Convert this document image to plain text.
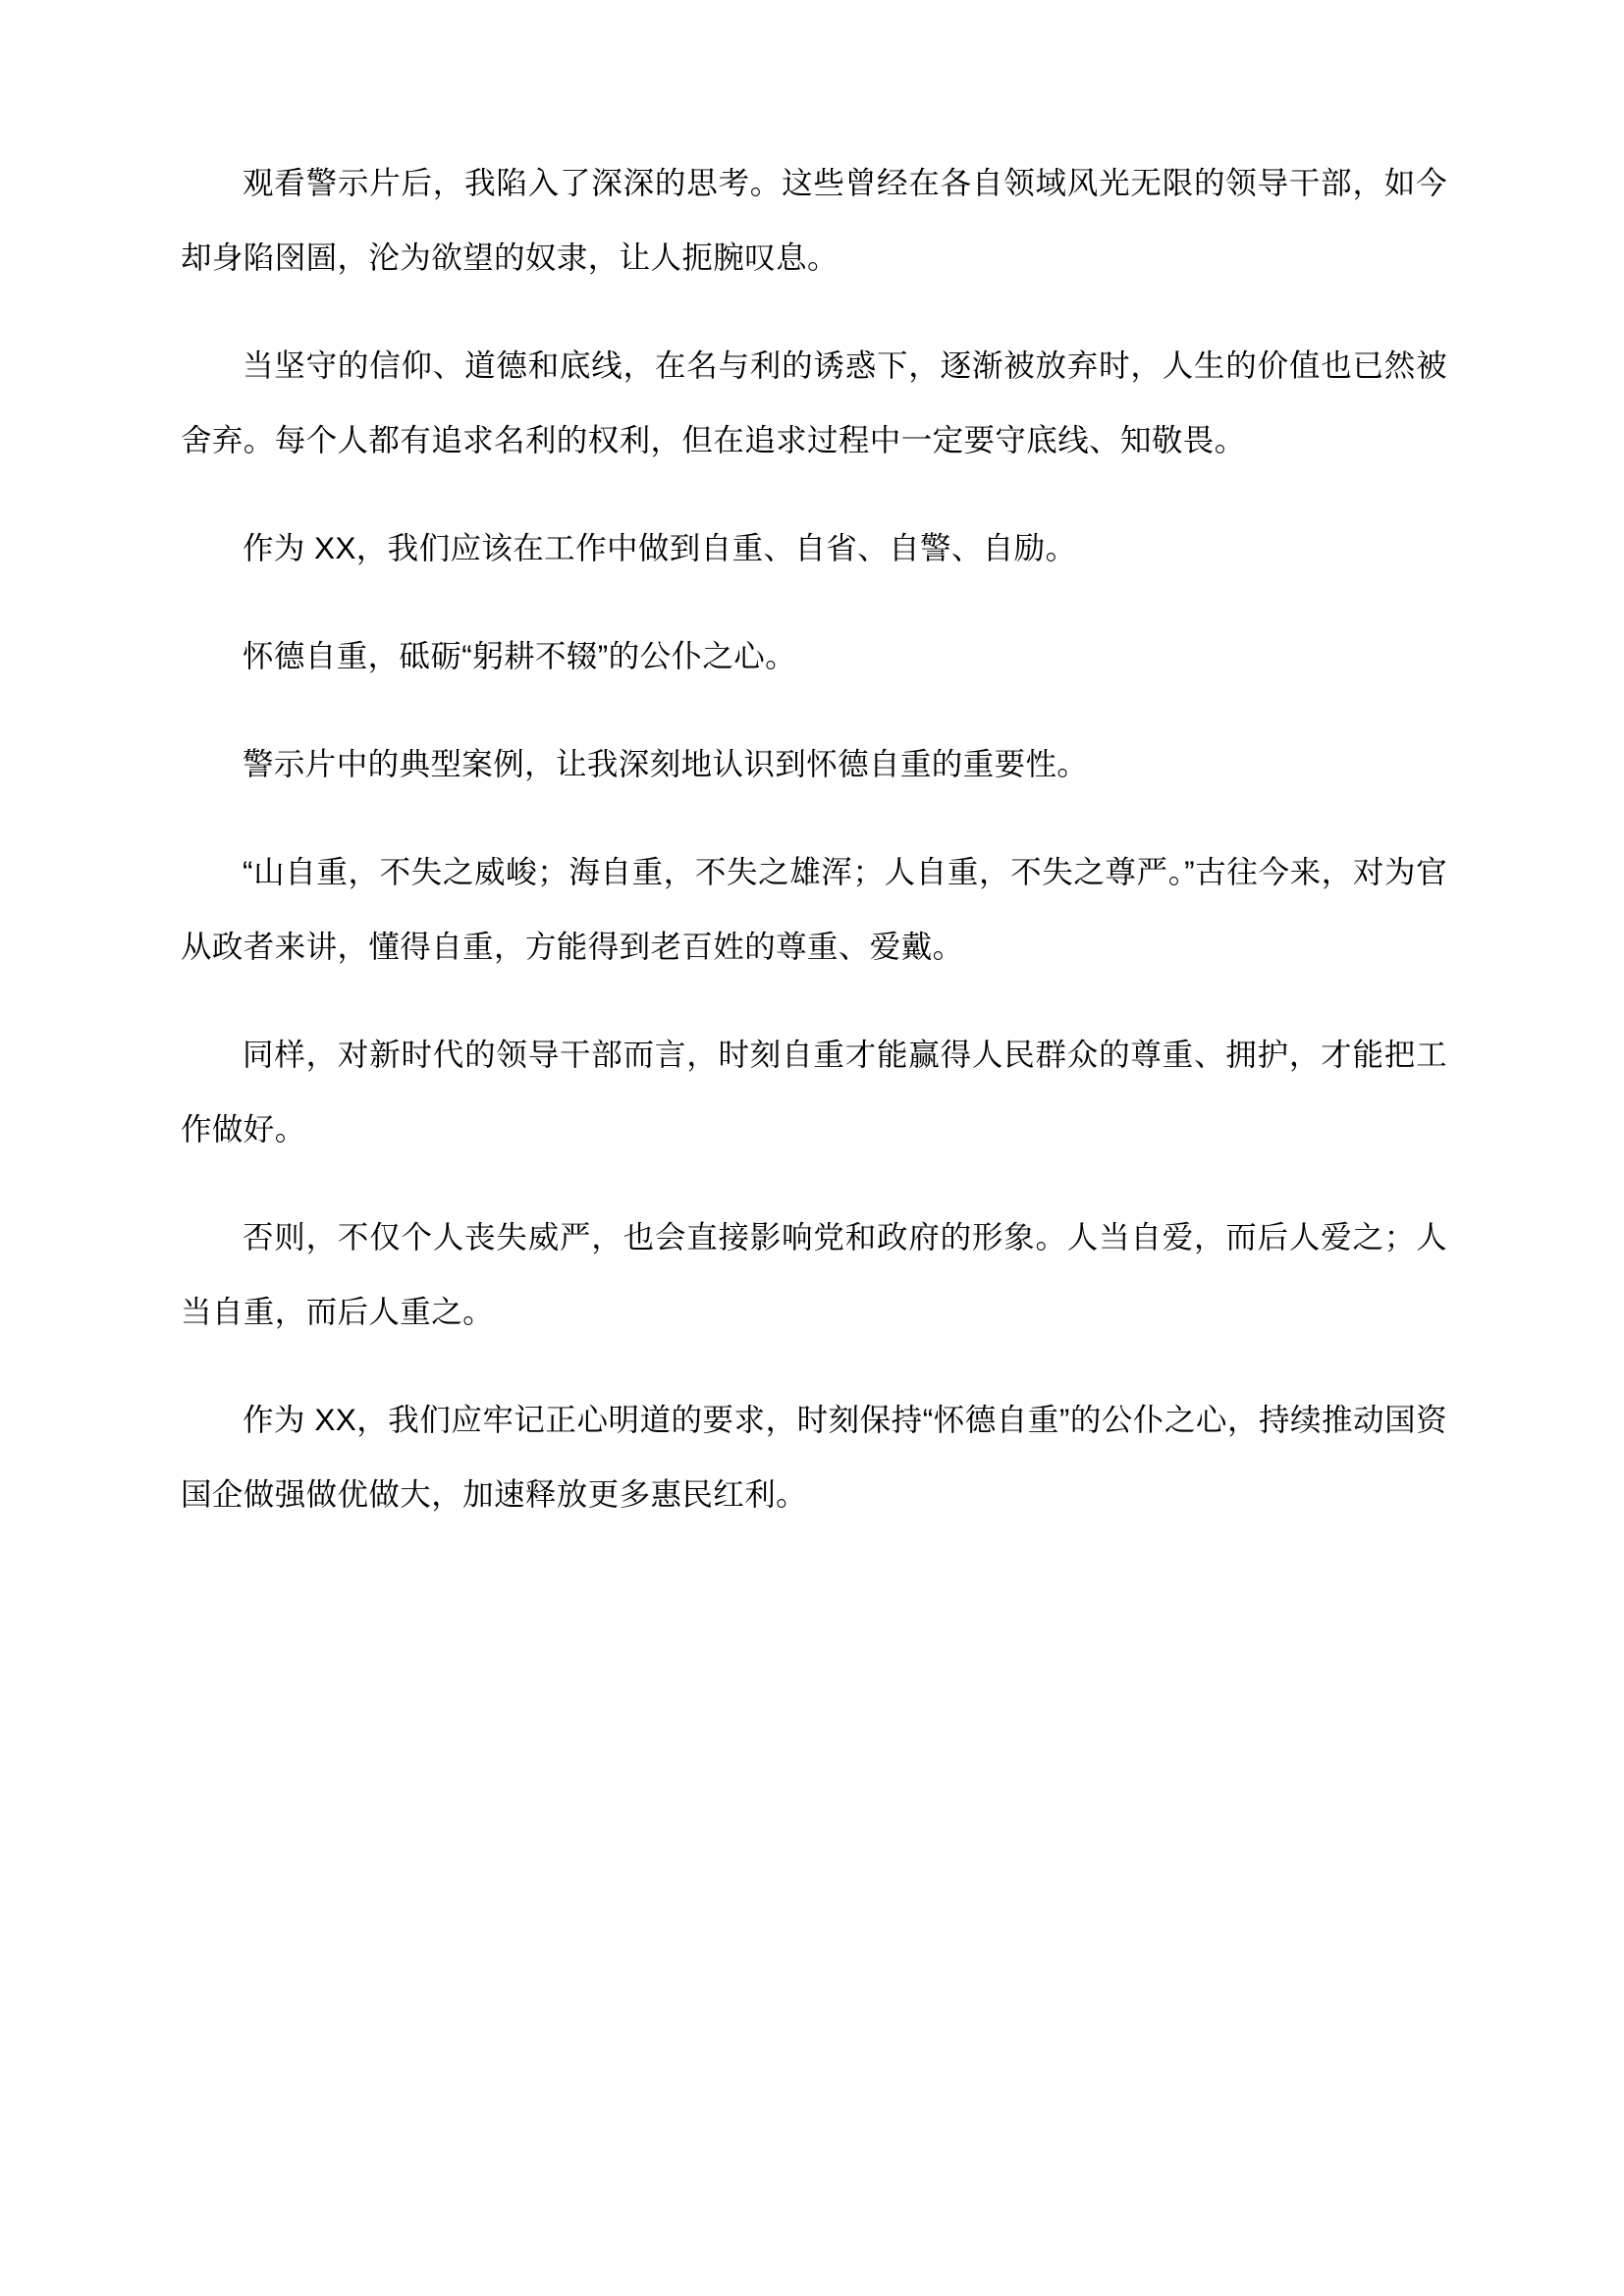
观看警示片后，我陷入了深深的思考。这些曾经在各自领域风光无限的领导干部，如今却身陷囹圄，沦为欲望的奴隶，让人扼腕叹息。

当坚守的信仰、道德和底线，在名与利的诱惑下，逐渐被放弃时，人生的价值也已然被舍弃。每个人都有追求名利的权利，但在追求过程中一定要守底线、知敬畏。

作为 XX，我们应该在工作中做到自重、自省、自警、自励。

怀德自重，砥砺“躬耕不辍”的公仆之心。

警示片中的典型案例，让我深刻地认识到怀德自重的重要性。

“山自重，不失之威峻；海自重，不失之雄浑；人自重，不失之尊严。”古往今来，对为官从政者来讲，懂得自重，方能得到老百姓的尊重、爱戴。

同样，对新时代的领导干部而言，时刻自重才能赢得人民群众的尊重、拥护，才能把工作做好。

否则，不仅个人丧失威严，也会直接影响党和政府的形象。人当自爱，而后人爱之；人当自重，而后人重之。

作为 XX，我们应牢记正心明道的要求，时刻保持“怀德自重”的公仆之心，持续推动国资国企做强做优做大，加速释放更多惠民红利。
